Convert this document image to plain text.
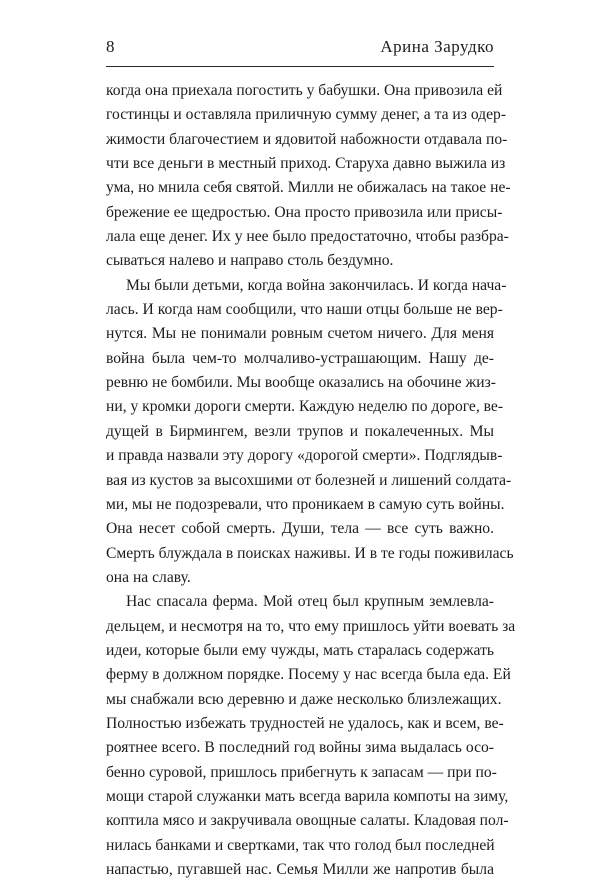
8	Арина Зарудко

когда она приехала погостить у бабушки. Она привозила ей
гостинцы и оставляла приличную сумму денег, а та из одер-
жимости благочестием и ядовитой набожности отдавала по-
чти все деньги в местный приход. Старуха давно выжила из
ума, но мнила себя святой. Милли не обижалась на такое не-
брежение ее щедростью. Она просто привозила или присы-
лала еще денег. Их у нее было предостаточно, чтобы разбра-
сываться налево и направо столь бездумно.

Мы были детьми, когда война закончилась. И когда нача-
лась. И когда нам сообщили, что наши отцы больше не вер-
нутся. Мы не понимали ровным счетом ничего. Для меня
война была чем-то молчаливо-устрашающим. Нашу де-
ревню не бомбили. Мы вообще оказались на обочине жиз-
ни, у кромки дороги смерти. Каждую неделю по дороге, ве-
дущей в Бирмингем, везли трупов и покалеченных. Мы
и правда назвали эту дорогу «дорогой смерти». Подглядыв-
вая из кустов за высохшими от болезней и лишений солдата-
ми, мы не подозревали, что проникаем в самую суть войны.
Она несет собой смерть. Души, тела — все суть важно.
Смерть блуждала в поисках наживы. И в те годы поживилась
она на славу.

Нас спасала ферма. Мой отец был крупным землевла-
дельцем, и несмотря на то, что ему пришлось уйти воевать за
идеи, которые были ему чужды, мать старалась содержать
ферму в должном порядке. Посему у нас всегда была еда. Ей
мы снабжали всю деревню и даже несколько близлежащих.
Полностью избежать трудностей не удалось, как и всем, ве-
роятнее всего. В последний год войны зима выдалась осо-
бенно суровой, пришлось прибегнуть к запасам — при по-
мощи старой служанки мать всегда варила компоты на зиму,
коптила мясо и закручивала овощные салаты. Кладовая пол-
нилась банками и свертками, так что голод был последней
напастью, пугавшей нас. Семья Милли же напротив была
